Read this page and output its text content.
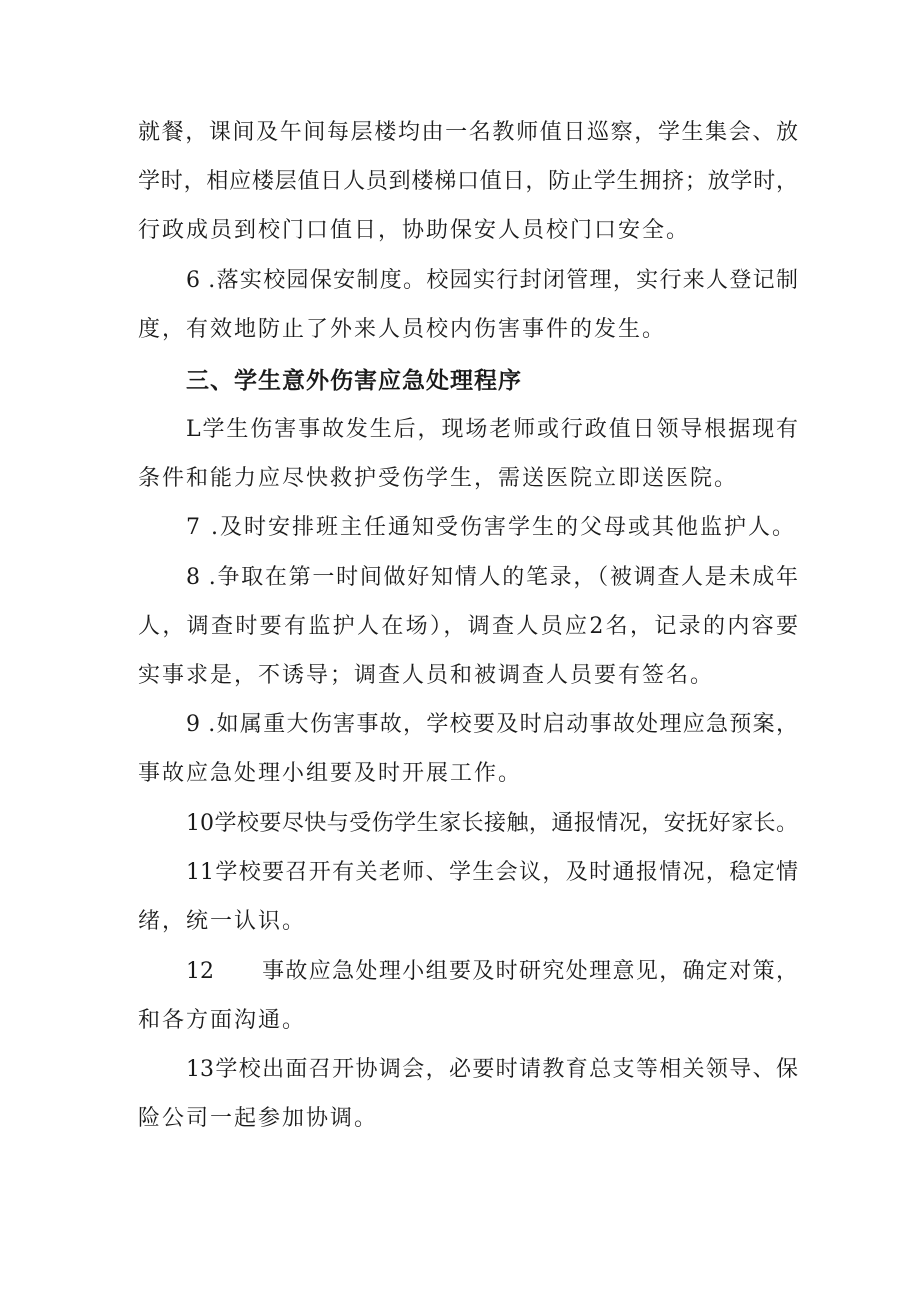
就餐，课间及午间每层楼均由一名教师值日巡察，学生集会、放
学时，相应楼层值日人员到楼梯口值日，防止学生拥挤；放学时，
行政成员到校门口值日，协助保安人员校门口安全。
6 .落实校园保安制度。校园实行封闭管理，实行来人登记制
度，有效地防止了外来人员校内伤害事件的发生。
三、学生意外伤害应急处理程序
L学生伤害事故发生后，现场老师或行政值日领导根据现有
条件和能力应尽快救护受伤学生，需送医院立即送医院。
7 .及时安排班主任通知受伤害学生的父母或其他监护人。
8 .争取在第一时间做好知情人的笔录，（被调查人是未成年
人，调查时要有监护人在场），调查人员应2名，记录的内容要
实事求是，不诱导；调查人员和被调查人员要有签名。
9 .如属重大伤害事故，学校要及时启动事故处理应急预案，
事故应急处理小组要及时开展工作。
10学校要尽快与受伤学生家长接触，通报情况，安抚好家长。
11学校要召开有关老师、学生会议，及时通报情况，稳定情
绪，统一认识。
12　　事故应急处理小组要及时研究处理意见，确定对策，
和各方面沟通。
13学校出面召开协调会，必要时请教育总支等相关领导、保
险公司一起参加协调。
